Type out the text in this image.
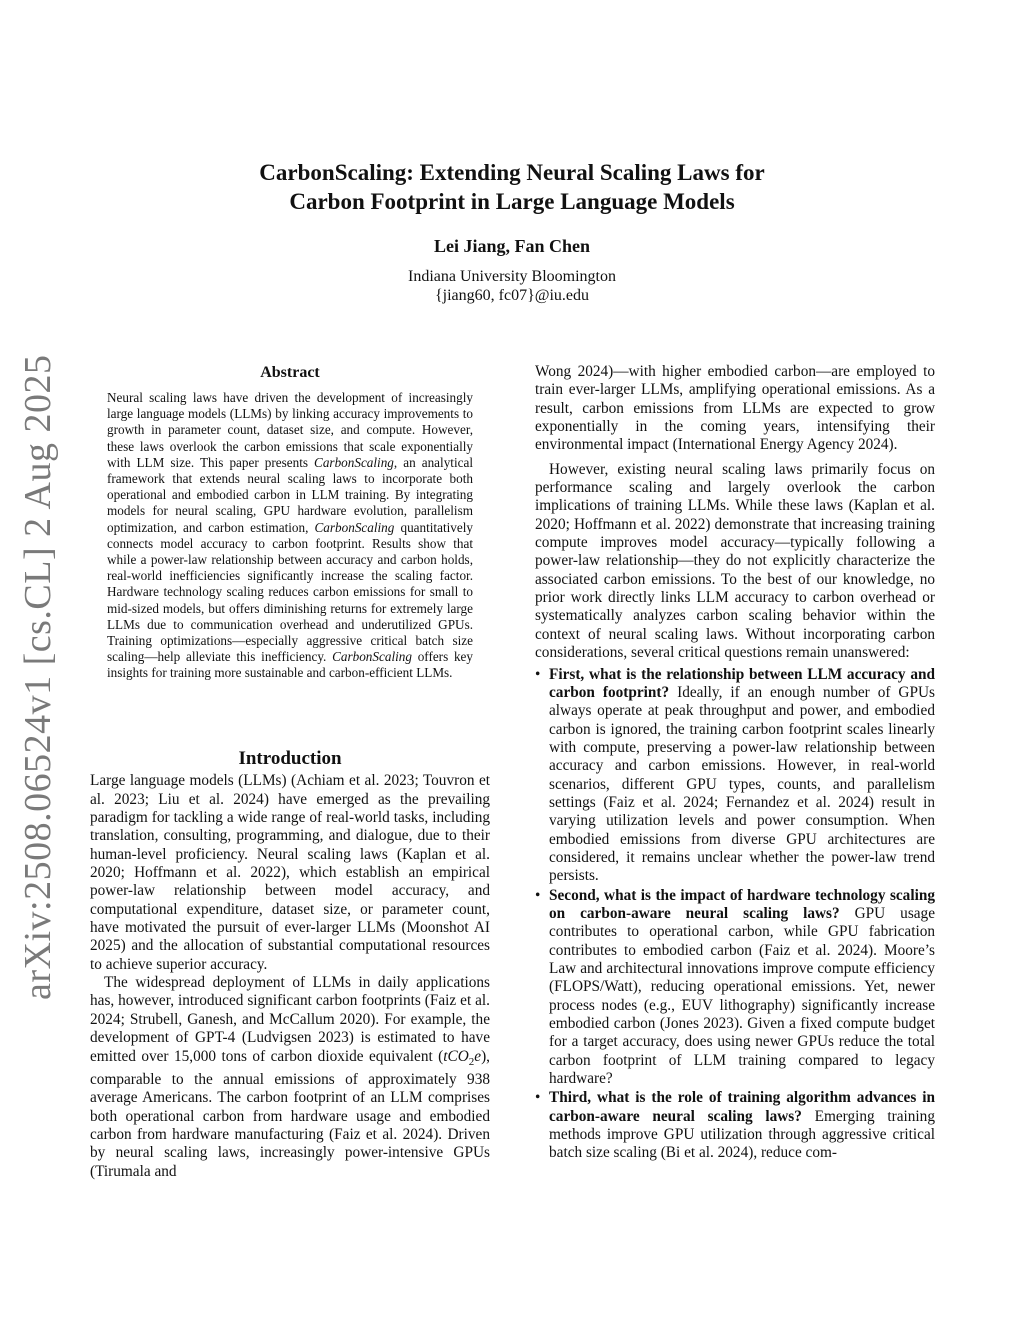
arXiv:2508.06524v1 [cs.CL] 2 Aug 2025
CarbonScaling: Extending Neural Scaling Laws for
Carbon Footprint in Large Language Models
Lei Jiang, Fan Chen
Indiana University Bloomington
{jiang60, fc07}@iu.edu
Abstract

Neural scaling laws have driven the development of increasingly large language models (LLMs) by linking accuracy improvements to growth in parameter count, dataset size, and compute. However, these laws overlook the carbon emissions that scale exponentially with LLM size. This paper presents CarbonScaling, an analytical framework that extends neural scaling laws to incorporate both operational and embodied carbon in LLM training. By integrating models for neural scaling, GPU hardware evolution, parallelism optimization, and carbon estimation, CarbonScaling quantitatively connects model accuracy to carbon footprint. Results show that while a power-law relationship between accuracy and carbon holds, real-world inefficiencies significantly increase the scaling factor. Hardware technology scaling reduces carbon emissions for small to mid-sized models, but offers diminishing returns for extremely large LLMs due to communication overhead and underutilized GPUs. Training optimizations—especially aggressive critical batch size scaling—help alleviate this inefficiency. CarbonScaling offers key insights for training more sustainable and carbon-efficient LLMs.

Introduction

Large language models (LLMs) (Achiam et al. 2023; Touvron et al. 2023; Liu et al. 2024) have emerged as the prevailing paradigm for tackling a wide range of real-world tasks, including translation, consulting, programming, and dialogue, due to their human-level proficiency. Neural scaling laws (Kaplan et al. 2020; Hoffmann et al. 2022), which establish an empirical power-law relationship between model accuracy, and computational expenditure, dataset size, or parameter count, have motivated the pursuit of ever-larger LLMs (Moonshot AI 2025) and the allocation of substantial computational resources to achieve superior accuracy.

The widespread deployment of LLMs in daily applications has, however, introduced significant carbon footprints (Faiz et al. 2024; Strubell, Ganesh, and McCallum 2020). For example, the development of GPT-4 (Ludvigsen 2023) is estimated to have emitted over 15,000 tons of carbon dioxide equivalent (tCO$_2$e), comparable to the annual emissions of approximately 938 average Americans. The carbon footprint of an LLM comprises both operational carbon from hardware usage and embodied carbon from hardware manufacturing (Faiz et al. 2024). Driven by neural scaling laws, increasingly power-intensive GPUs (Tirumala and

Wong 2024)—with higher embodied carbon—are employed to train ever-larger LLMs, amplifying operational emissions. As a result, carbon emissions from LLMs are expected to grow exponentially in the coming years, intensifying their environmental impact (International Energy Agency 2024).

However, existing neural scaling laws primarily focus on performance scaling and largely overlook the carbon implications of training LLMs. While these laws (Kaplan et al. 2020; Hoffmann et al. 2022) demonstrate that increasing training compute improves model accuracy—typically following a power-law relationship—they do not explicitly characterize the associated carbon emissions. To the best of our knowledge, no prior work directly links LLM accuracy to carbon overhead or systematically analyzes carbon scaling behavior within the context of neural scaling laws. Without incorporating carbon considerations, several critical questions remain unanswered:

• First, what is the relationship between LLM accuracy and carbon footprint? Ideally, if an enough number of GPUs always operate at peak throughput and power, and embodied carbon is ignored, the training carbon footprint scales linearly with compute, preserving a power-law relationship between accuracy and carbon emissions. However, in real-world scenarios, different GPU types, counts, and parallelism settings (Faiz et al. 2024; Fernandez et al. 2024) result in varying utilization levels and power consumption. When embodied emissions from diverse GPU architectures are considered, it remains unclear whether the power-law trend persists.
• Second, what is the impact of hardware technology scaling on carbon-aware neural scaling laws? GPU usage contributes to operational carbon, while GPU fabrication contributes to embodied carbon (Faiz et al. 2024). Moore’s Law and architectural innovations improve compute efficiency (FLOPS/Watt), reducing operational emissions. Yet, newer process nodes (e.g., EUV lithography) significantly increase embodied carbon (Jones 2023). Given a fixed compute budget for a target accuracy, does using newer GPUs reduce the total carbon footprint of LLM training compared to legacy hardware?
• Third, what is the role of training algorithm advances in carbon-aware neural scaling laws? Emerging training methods improve GPU utilization through aggressive critical batch size scaling (Bi et al. 2024), reduce com-
